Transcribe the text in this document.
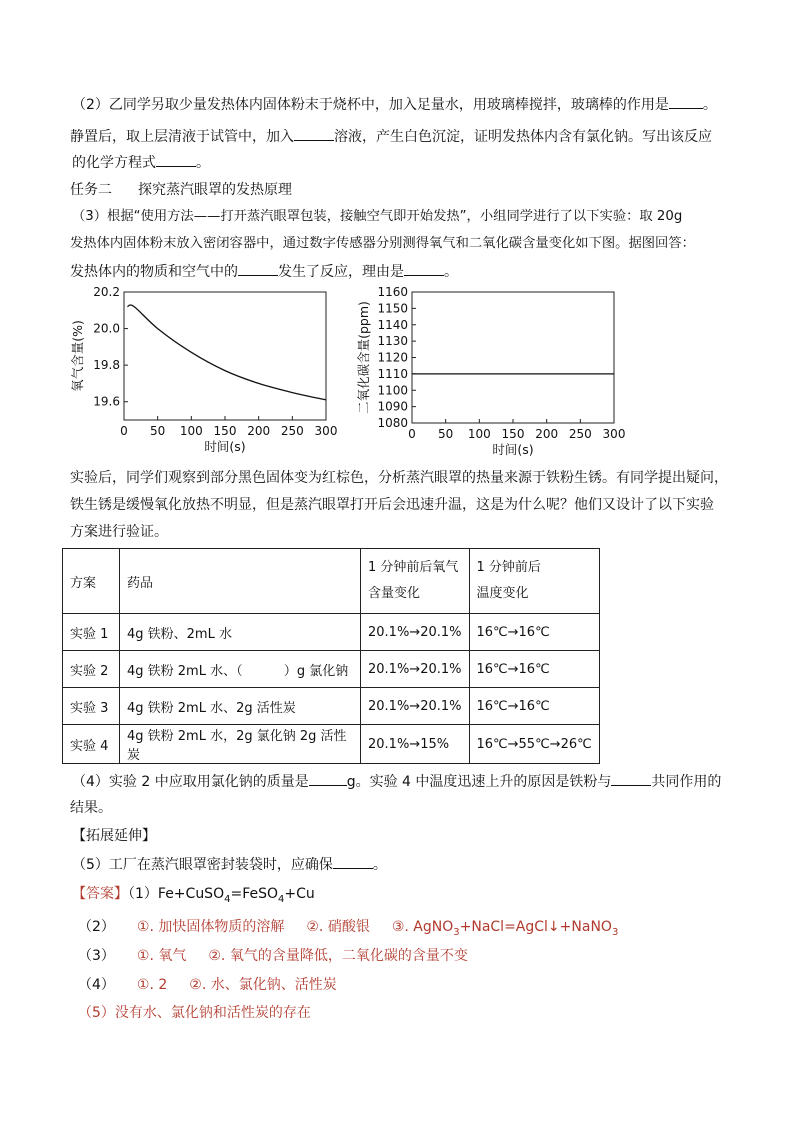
（2）乙同学另取少量发热体内固体粉末于烧杯中，加入足量水，用玻璃棒搅拌，玻璃棒的作用是 。
静置后，取上层清液于试管中，加入	溶液，产生白色沉淀，证明发热体内含有氯化钠。写出该反应
的化学方程式	。
任务二 探究蒸汽眼罩的发热原理
（3）根据“使用方法——打开蒸汽眼罩包装，接触空气即开始发热”，小组同学进行了以下实验：取 20g
发热体内固体粉末放入密闭容器中，通过数字传感器分别测得氧气和二氧化碳含量变化如下图。据图回答：
发热体内的物质和空气中的	发生了反应，理由是	。
20.2
20.0
19.8
19.6
0 50 100 150 200 250 300
时间(s)
氧气含量(%)
1160
1150
1140
1130
1120
1110
1100
1090
1080
0 50 100 150 200 250 300
时间(s)
二氧化碳含量(ppm)
实验后，同学们观察到部分黑色固体变为红棕色，分析蒸汽眼罩的热量来源于铁粉生锈。有同学提出疑问，
铁生锈是缓慢氧化放热不明显，但是蒸汽眼罩打开后会迅速升温，这是为什么呢？他们又设计了以下实验
方案进行验证。
方案	药品	1 分钟前后氧气
含量变化	1 分钟前后
温度变化
实验 1	4g 铁粉、2mL 水	20.1%→20.1%	16℃→16℃
实验 2	4g 铁粉 2mL 水、（          ）g 氯化钠	20.1%→20.1%	16℃→16℃
实验 3	4g 铁粉 2mL 水、2g 活性炭	20.1%→20.1%	16℃→16℃
实验 4	4g 铁粉 2mL 水，2g 氯化钠 2g 活性炭	20.1%→15%	16℃→55℃→26℃
（4）实验 2 中应取用氯化钠的质量是	g。实验 4 中温度迅速上升的原因是铁粉与	共同作用的
结果。
【拓展延伸】
（5）工厂在蒸汽眼罩密封装袋时，应确保	。
【答案】（1）Fe+CuSO$_4$=FeSO$_4$+Cu
（2） ①. 加快固体物质的溶解 ②. 硝酸银 ③. AgNO$_3$+NaCl=AgCl↓+NaNO$_3$
（3） ①. 氧气 ②. 氧气的含量降低，二氧化碳的含量不变
（4） ①. 2 ②. 水、氯化钠、活性炭
（5）没有水、氯化钠和活性炭的存在
